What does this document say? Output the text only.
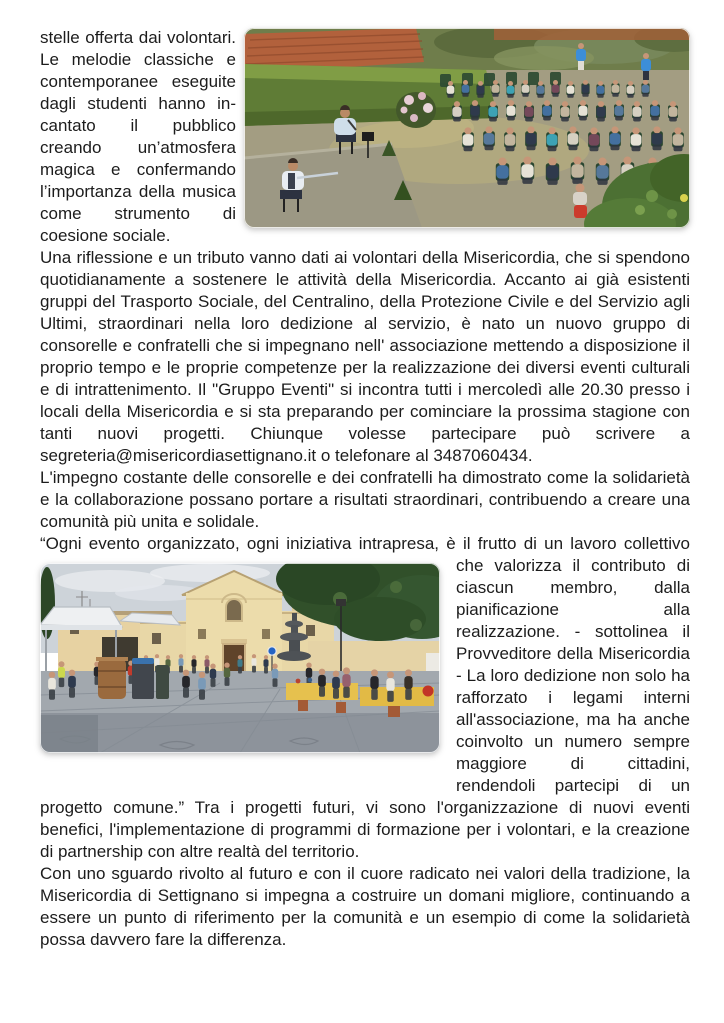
stelle offerta dai volontari. Le melodie classiche e contemporanee eseguite dagli studenti hanno incantato il pubblico creando un’atmosfera magica e confermando l’importanza della musica come strumento di coesione sociale.

Una riflessione e un tributo vanno dati ai volontari della Misericordia, che si spendono quotidianamente a sostenere le attività della Misericordia. Accanto ai già esistenti gruppi del Trasporto Sociale, del Centralino, della Protezione Civile e del Servizio agli Ultimi, straordinari nella loro dedizione al servizio, è nato un nuovo gruppo di consorelle e confratelli che si impegnano nell' associazione mettendo a disposizione il proprio tempo e le proprie competenze per la realizzazione dei diversi eventi culturali e di intrattenimento. Il "Gruppo Eventi" si incontra tutti i mercoledì alle 20.30 presso i locali della Misericordia e si sta preparando per cominciare la prossima stagione con tanti nuovi progetti. Chiunque volesse partecipare può scrivere a segreteria@misericordiasettignano.it o telefonare al 3487060434.

L'impegno costante delle consorelle e dei confratelli ha dimostrato come la solidarietà e la collaborazione possano portare a risultati straordinari, contribuendo a creare una comunità più unita e solidale.

“Ogni evento organizzato, ogni iniziativa intrapresa, è il frutto di un lavoro collettivo che valorizza il contributo di ciascun membro, dalla pianificazione alla realizzazione. - sottolinea il Provveditore della Misericordia - La loro dedizione non solo ha rafforzato i legami interni all'associazione, ma ha anche coinvolto un numero sempre maggiore di cittadini, rendendoli partecipi di un progetto comune.” Tra i progetti futuri, vi sono l'organizzazione di nuovi eventi benefici, l'implementazione di programmi di formazione per i volontari, e la creazione di partnership con altre realtà del territorio.

Con uno sguardo rivolto al futuro e con il cuore radicato nei valori della tradizione, la Misericordia di Settignano si impegna a costruire un domani migliore, continuando a essere un punto di riferimento per la comunità e un esempio di come la solidarietà possa davvero fare la differenza.
